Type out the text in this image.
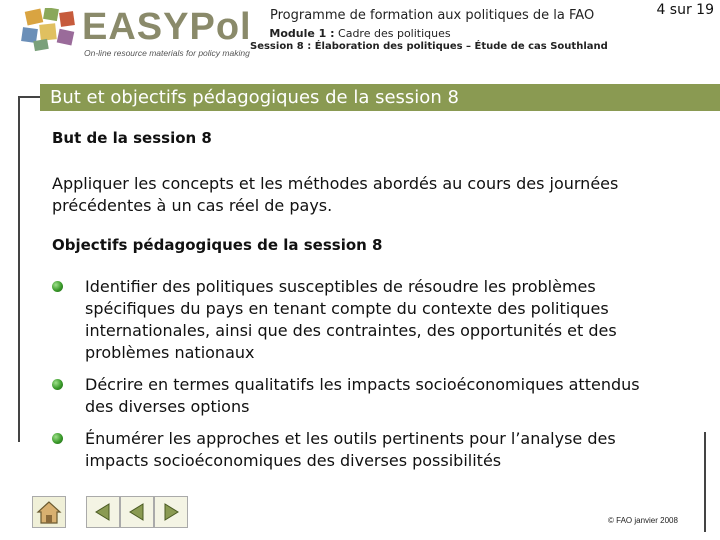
EASYPol
On-line resource materials for policy making
Programme de formation aux politiques de la FAO	4 sur 19
Module 1 : Cadre des politiques
Session 8 : Élaboration des politiques – Étude de cas Southland
But et objectifs pédagogiques de la session 8
But de la session 8
Appliquer les concepts et les méthodes abordés au cours des journées précédentes à un cas réel de pays.
Objectifs pédagogiques de la session 8
Identifier des politiques susceptibles de résoudre les problèmes spécifiques du pays en tenant compte du contexte des politiques internationales, ainsi que des contraintes, des opportunités et des problèmes nationaux
Décrire en termes qualitatifs les impacts socioéconomiques attendus des diverses options
Énumérer les approches et les outils pertinents pour l’analyse des impacts socioéconomiques des diverses possibilités
© FAO janvier 2008
